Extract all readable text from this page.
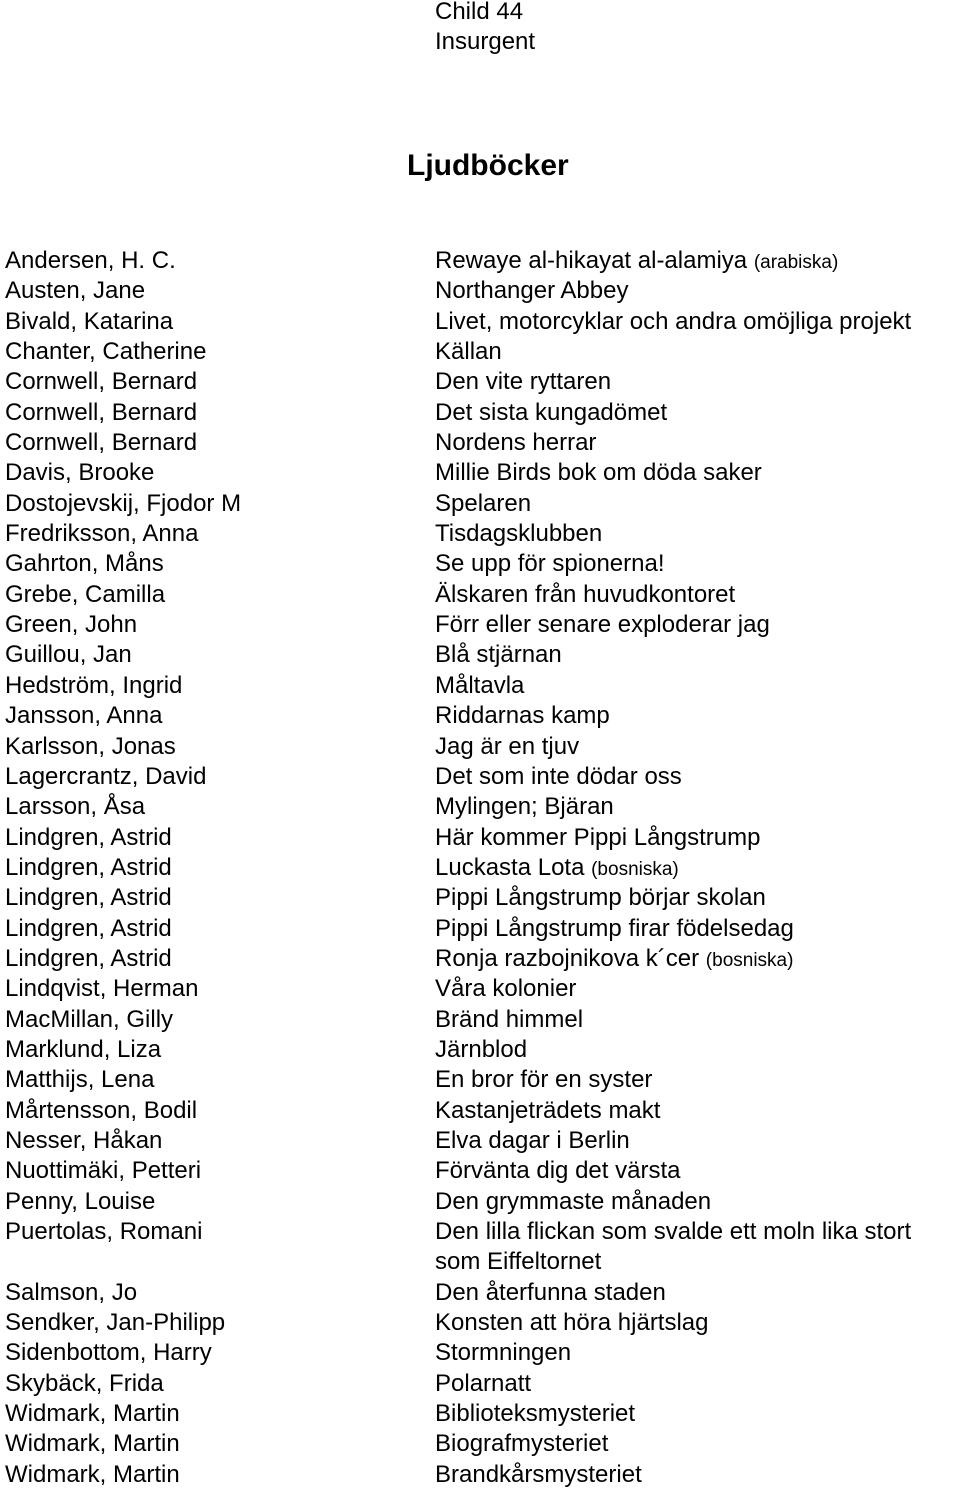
Child 44
Insurgent
Ljudböcker
Andersen, H. C.
Austen, Jane
Bivald, Katarina
Chanter, Catherine
Cornwell, Bernard
Cornwell, Bernard
Cornwell, Bernard
Davis, Brooke
Dostojevskij, Fjodor M
Fredriksson, Anna
Gahrton, Måns
Grebe, Camilla
Green, John
Guillou, Jan
Hedström, Ingrid
Jansson, Anna
Karlsson, Jonas
Lagercrantz, David
Larsson, Åsa
Lindgren, Astrid
Lindgren, Astrid
Lindgren, Astrid
Lindgren, Astrid
Lindgren, Astrid
Lindqvist, Herman
MacMillan, Gilly
Marklund, Liza
Matthijs, Lena
Mårtensson, Bodil
Nesser, Håkan
Nuottimäki, Petteri
Penny, Louise
Puertolas, Romani
Salmson, Jo
Sendker, Jan-Philipp
Sidenbottom, Harry
Skybäck, Frida
Widmark, Martin
Widmark, Martin
Widmark, Martin
Rewaye al-hikayat al-alamiya (arabiska)
Northanger Abbey
Livet, motorcyklar och andra omöjliga projekt
Källan
Den vite ryttaren
Det sista kungadömet
Nordens herrar
Millie Birds bok om döda saker
Spelaren
Tisdagsklubben
Se upp för spionerna!
Älskaren från huvudkontoret
Förr eller senare exploderar jag
Blå stjärnan
Måltavla
Riddarnas kamp
Jag är en tjuv
Det som inte dödar oss
Mylingen; Bjäran
Här kommer Pippi Långstrump
Luckasta Lota (bosniska)
Pippi Långstrump börjar skolan
Pippi Långstrump firar födelsedag
Ronja razbojnikova k´cer (bosniska)
Våra kolonier
Bränd himmel
Järnblod
En bror för en syster
Kastanjeträdets makt
Elva dagar i Berlin
Förvänta dig det värsta
Den grymmaste månaden
Den lilla flickan som svalde ett moln lika stort
som Eiffeltornet
Den återfunna staden
Konsten att höra hjärtslag
Stormningen
Polarnatt
Biblioteksmysteriet
Biografmysteriet
Brandkårsmysteriet
